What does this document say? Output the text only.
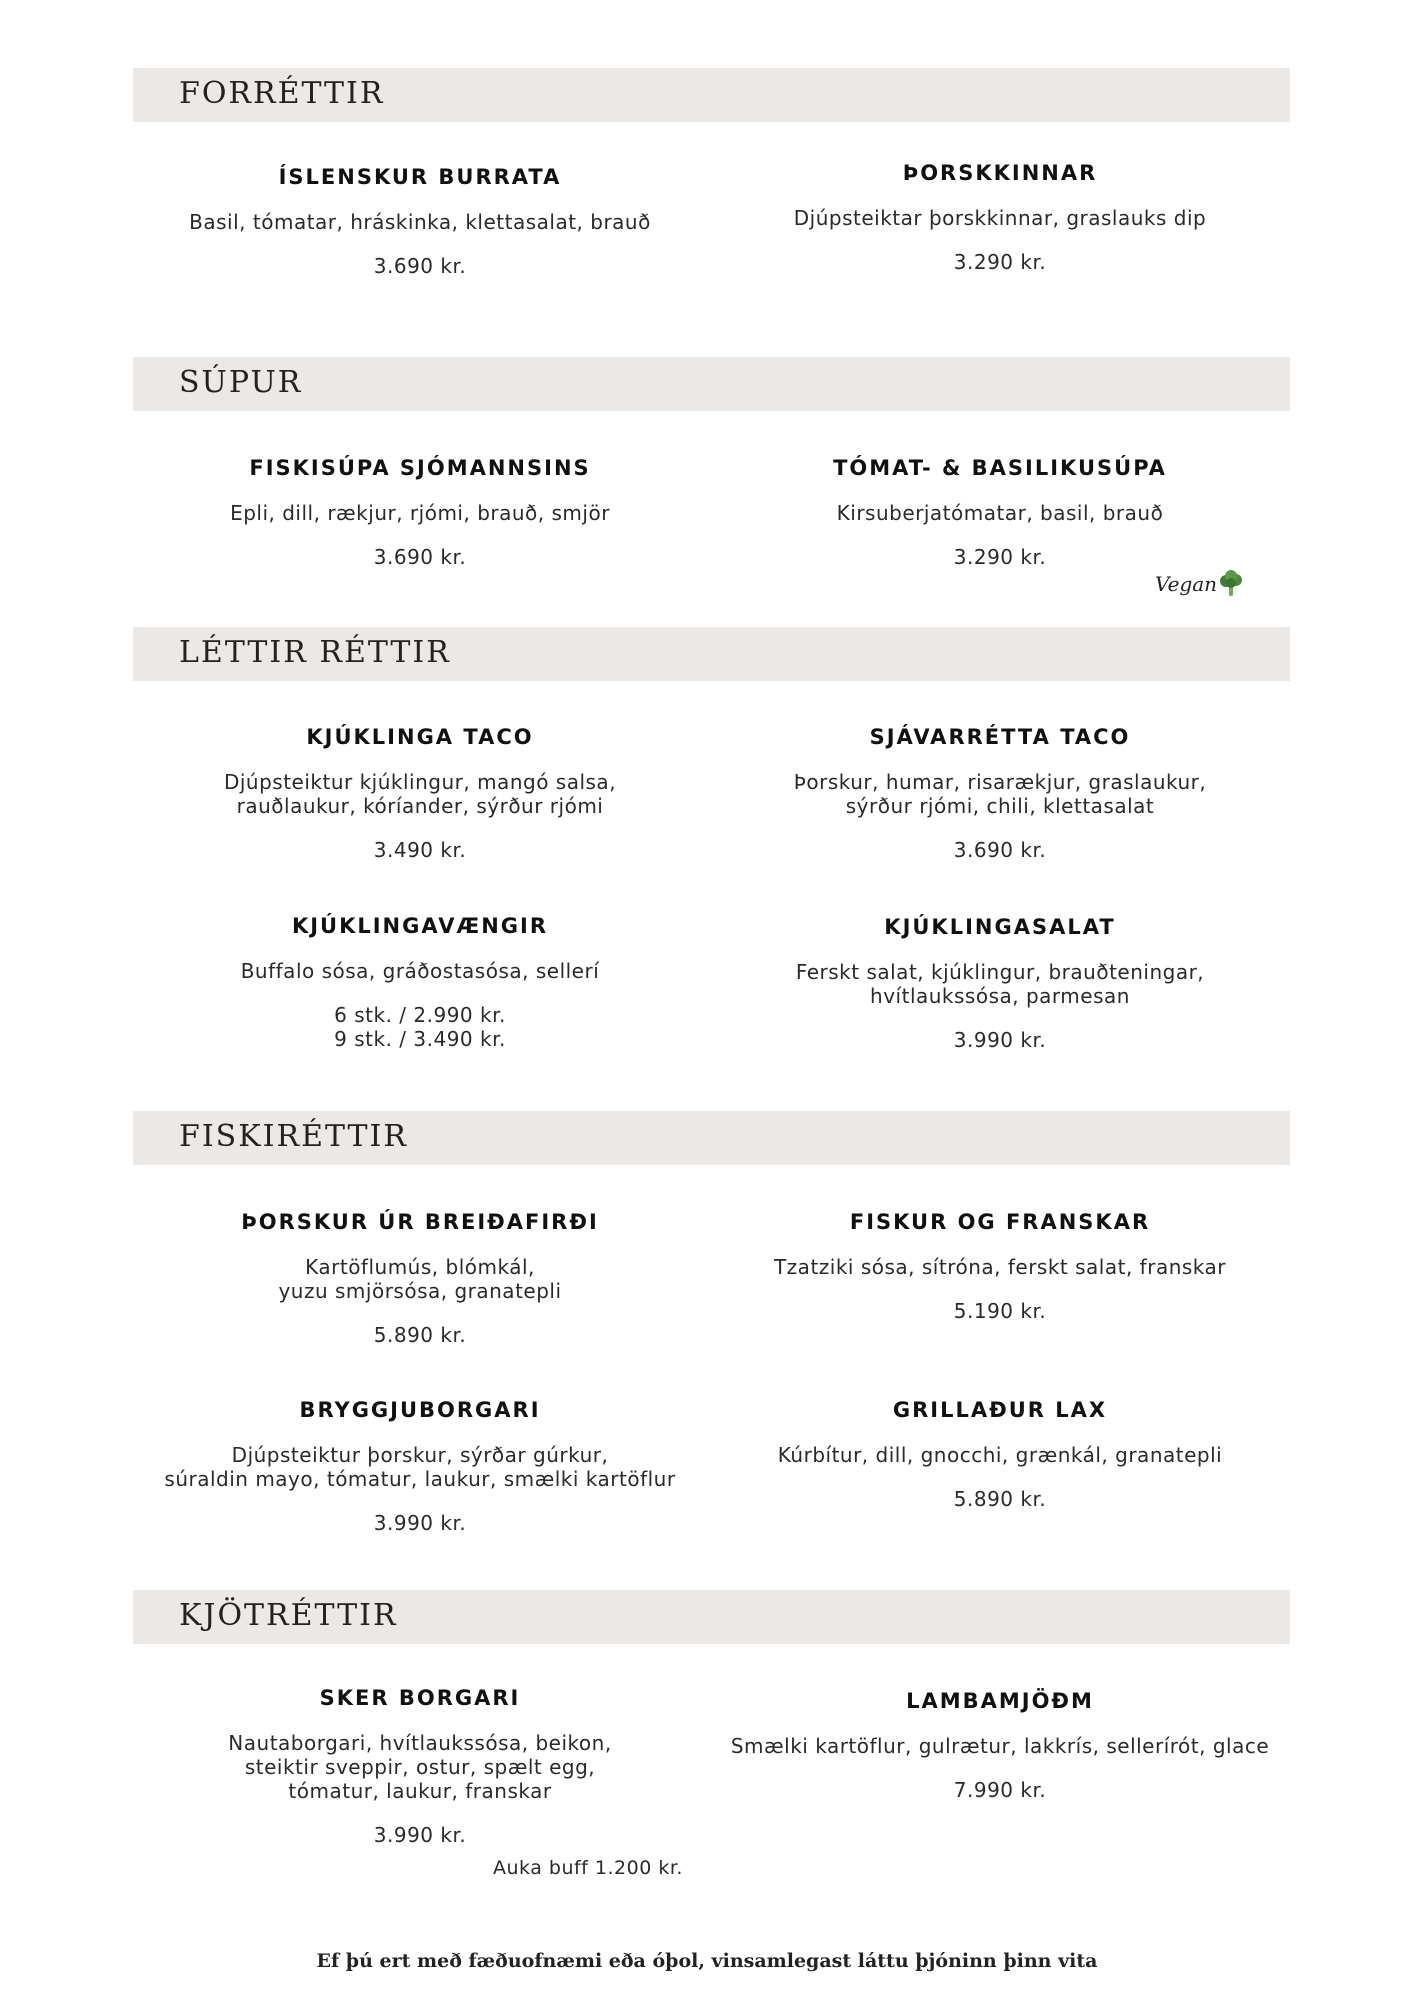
FORRÉTTIR
ÍSLENSKUR BURRATA
Basil, tómatar, hráskinka, klettasalat, brauð
3.690 kr.
ÞORSKKINNAR
Djúpsteiktar þorskkinnar, graslauks dip
3.290 kr.
SÚPUR
FISKISÚPA SJÓMANNSINS
Epli, dill, rækjur, rjómi, brauð, smjör
3.690 kr.
TÓMAT- & BASILIKUSÚPA
Kirsuberjatómatar, basil, brauð
3.290 kr.
Vegan
LÉTTIR RÉTTIR
KJÚKLINGA TACO
Djúpsteiktur kjúklingur, mangó salsa,
rauðlaukur, kóríander, sýrður rjómi
3.490 kr.
SJÁVARRÉTTA TACO
Þorskur, humar, risarækjur, graslaukur,
sýrður rjómi, chili, klettasalat
3.690 kr.
KJÚKLINGAVÆNGIR
Buffalo sósa, gráðostasósa, sellerí
6 stk. / 2.990 kr.
9 stk. / 3.490 kr.
KJÚKLINGASALAT
Ferskt salat, kjúklingur, brauðteningar,
hvítlaukssósa, parmesan
3.990 kr.
FISKIRÉTTIR
ÞORSKUR ÚR BREIÐAFIRÐI
Kartöflumús, blómkál,
yuzu smjörsósa, granatepli
5.890 kr.
FISKUR OG FRANSKAR
Tzatziki sósa, sítróna, ferskt salat, franskar
5.190 kr.
BRYGGJUBORGARI
Djúpsteiktur þorskur, sýrðar gúrkur,
súraldin mayo, tómatur, laukur, smælki kartöflur
3.990 kr.
GRILLAÐUR LAX
Kúrbítur, dill, gnocchi, grænkál, granatepli
5.890 kr.
KJÖTRÉTTIR
SKER BORGARI
Nautaborgari, hvítlaukssósa, beikon,
steiktir sveppir, ostur, spælt egg,
tómatur, laukur, franskar
3.990 kr.
LAMBAMJÖÐM
Smælki kartöflur, gulrætur, lakkrís, sellerírót, glace
7.990 kr.
Auka buff 1.200 kr.
Ef þú ert með fæðuofnæmi eða óþol, vinsamlegast láttu þjóninn þinn vita
